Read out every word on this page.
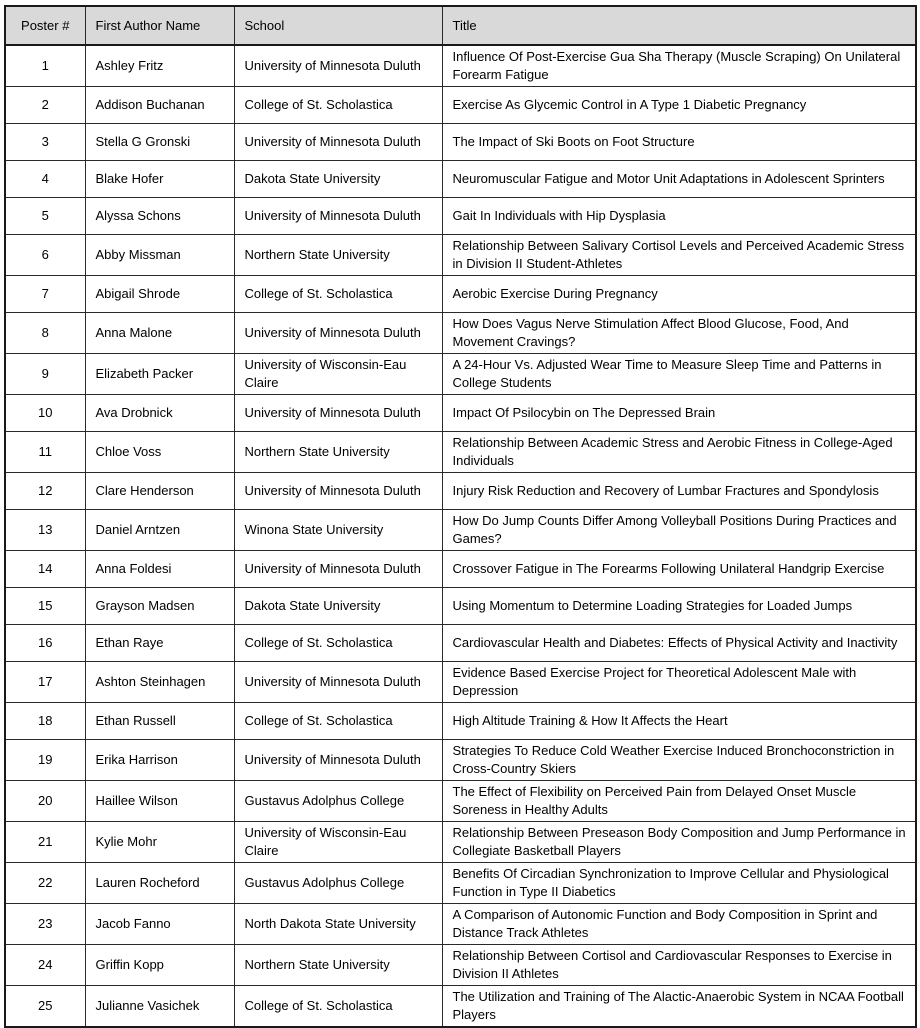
Poster #	First Author Name	School	Title
1	Ashley Fritz	University of Minnesota Duluth	Influence Of Post-Exercise Gua Sha Therapy (Muscle Scraping) On Unilateral Forearm Fatigue
2	Addison Buchanan	College of St. Scholastica	Exercise As Glycemic Control in A Type 1 Diabetic Pregnancy
3	Stella G Gronski	University of Minnesota Duluth	The Impact of Ski Boots on Foot Structure
4	Blake Hofer	Dakota State University	Neuromuscular Fatigue and Motor Unit Adaptations in Adolescent Sprinters
5	Alyssa Schons	University of Minnesota Duluth	Gait In Individuals with Hip Dysplasia
6	Abby Missman	Northern State University	Relationship Between Salivary Cortisol Levels and Perceived Academic Stress in Division II Student-Athletes
7	Abigail Shrode	College of St. Scholastica	Aerobic Exercise During Pregnancy
8	Anna Malone	University of Minnesota Duluth	How Does Vagus Nerve Stimulation Affect Blood Glucose, Food, And Movement Cravings?
9	Elizabeth Packer	University of Wisconsin-Eau Claire	A 24-Hour Vs. Adjusted Wear Time to Measure Sleep Time and Patterns in College Students
10	Ava Drobnick	University of Minnesota Duluth	Impact Of Psilocybin on The Depressed Brain
11	Chloe Voss	Northern State University	Relationship Between Academic Stress and Aerobic Fitness in College-Aged Individuals
12	Clare Henderson	University of Minnesota Duluth	Injury Risk Reduction and Recovery of Lumbar Fractures and Spondylosis
13	Daniel Arntzen	Winona State University	How Do Jump Counts Differ Among Volleyball Positions During Practices and Games?
14	Anna Foldesi	University of Minnesota Duluth	Crossover Fatigue in The Forearms Following Unilateral Handgrip Exercise
15	Grayson Madsen	Dakota State University	Using Momentum to Determine Loading Strategies for Loaded Jumps
16	Ethan Raye	College of St. Scholastica	Cardiovascular Health and Diabetes: Effects of Physical Activity and Inactivity
17	Ashton Steinhagen	University of Minnesota Duluth	Evidence Based Exercise Project for Theoretical Adolescent Male with Depression
18	Ethan Russell	College of St. Scholastica	High Altitude Training & How It Affects the Heart
19	Erika Harrison	University of Minnesota Duluth	Strategies To Reduce Cold Weather Exercise Induced Bronchoconstriction in Cross-Country Skiers
20	Haillee Wilson	Gustavus Adolphus College	The Effect of Flexibility on Perceived Pain from Delayed Onset Muscle Soreness in Healthy Adults
21	Kylie Mohr	University of Wisconsin-Eau Claire	Relationship Between Preseason Body Composition and Jump Performance in Collegiate Basketball Players
22	Lauren Rocheford	Gustavus Adolphus College	Benefits Of Circadian Synchronization to Improve Cellular and Physiological Function in Type II Diabetics
23	Jacob Fanno	North Dakota State University	A Comparison of Autonomic Function and Body Composition in Sprint and Distance Track Athletes
24	Griffin Kopp	Northern State University	Relationship Between Cortisol and Cardiovascular Responses to Exercise in Division II Athletes
25	Julianne Vasichek	College of St. Scholastica	The Utilization and Training of The Alactic-Anaerobic System in NCAA Football Players
